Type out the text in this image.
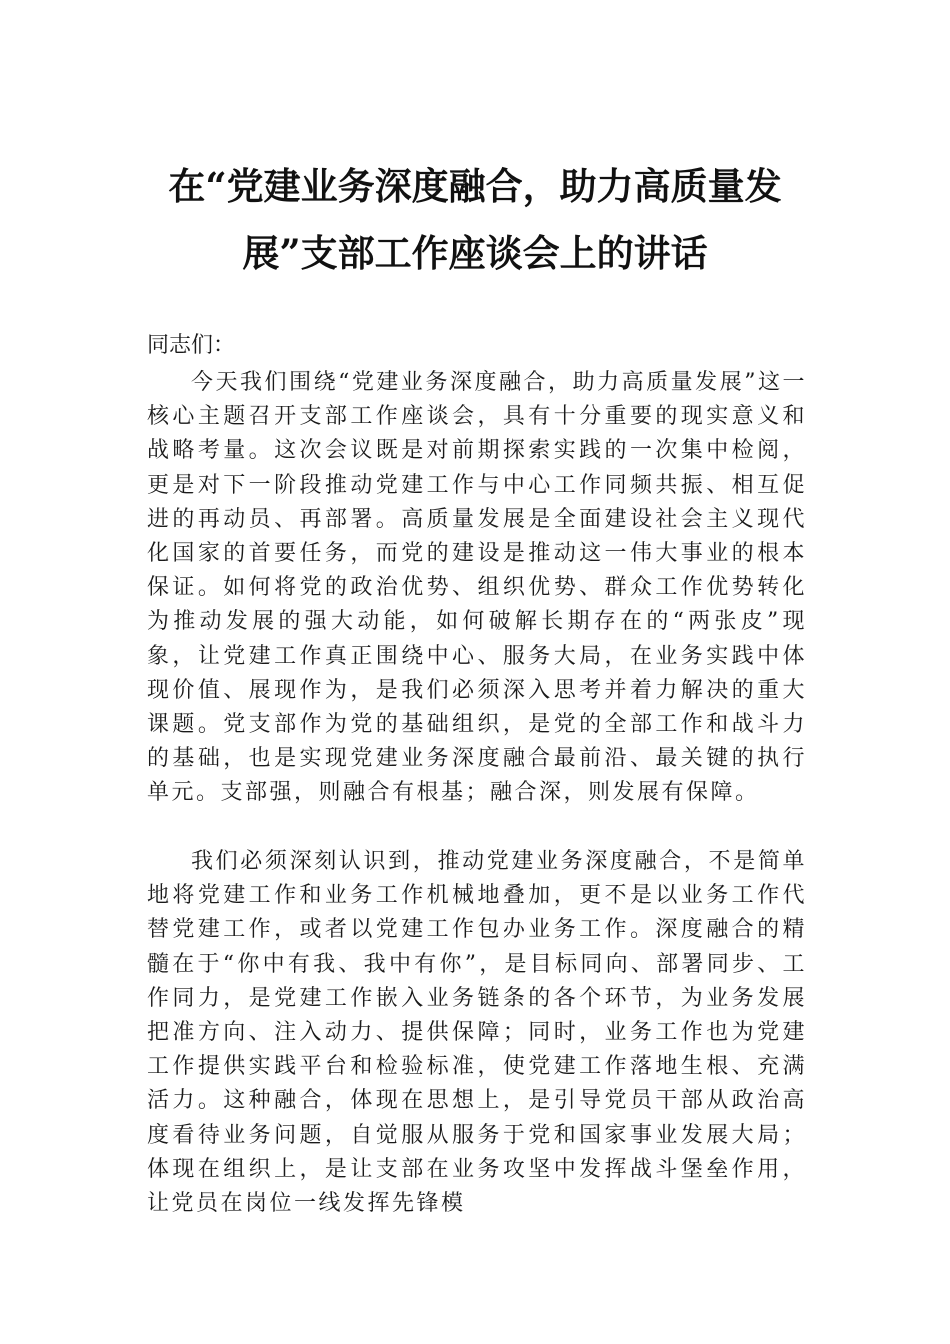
在“党建业务深度融合，助力高质量发
展”支部工作座谈会上的讲话
同志们：
今天我们围绕“党建业务深度融合，助力高质量发展”这一核心主题召开支部工作座谈会，具有十分重要的现实意义和战略考量。这次会议既是对前期探索实践的一次集中检阅，更是对下一阶段推动党建工作与中心工作同频共振、相互促进的再动员、再部署。高质量发展是全面建设社会主义现代化国家的首要任务，而党的建设是推动这一伟大事业的根本保证。如何将党的政治优势、组织优势、群众工作优势转化为推动发展的强大动能，如何破解长期存在的“两张皮”现象，让党建工作真正围绕中心、服务大局，在业务实践中体现价值、展现作为，是我们必须深入思考并着力解决的重大课题。党支部作为党的基础组织，是党的全部工作和战斗力的基础，也是实现党建业务深度融合最前沿、最关键的执行单元。支部强，则融合有根基；融合深，则发展有保障。
我们必须深刻认识到，推动党建业务深度融合，不是简单地将党建工作和业务工作机械地叠加，更不是以业务工作代替党建工作，或者以党建工作包办业务工作。深度融合的精髓在于“你中有我、我中有你”，是目标同向、部署同步、工作同力，是党建工作嵌入业务链条的各个环节，为业务发展把准方向、注入动力、提供保障；同时，业务工作也为党建工作提供实践平台和检验标准，使党建工作落地生根、充满活力。这种融合，体现在思想上，是引导党员干部从政治高度看待业务问题，自觉服从服务于党和国家事业发展大局；体现在组织上，是让支部在业务攻坚中发挥战斗堡垒作用，让党员在岗位一线发挥先锋模
